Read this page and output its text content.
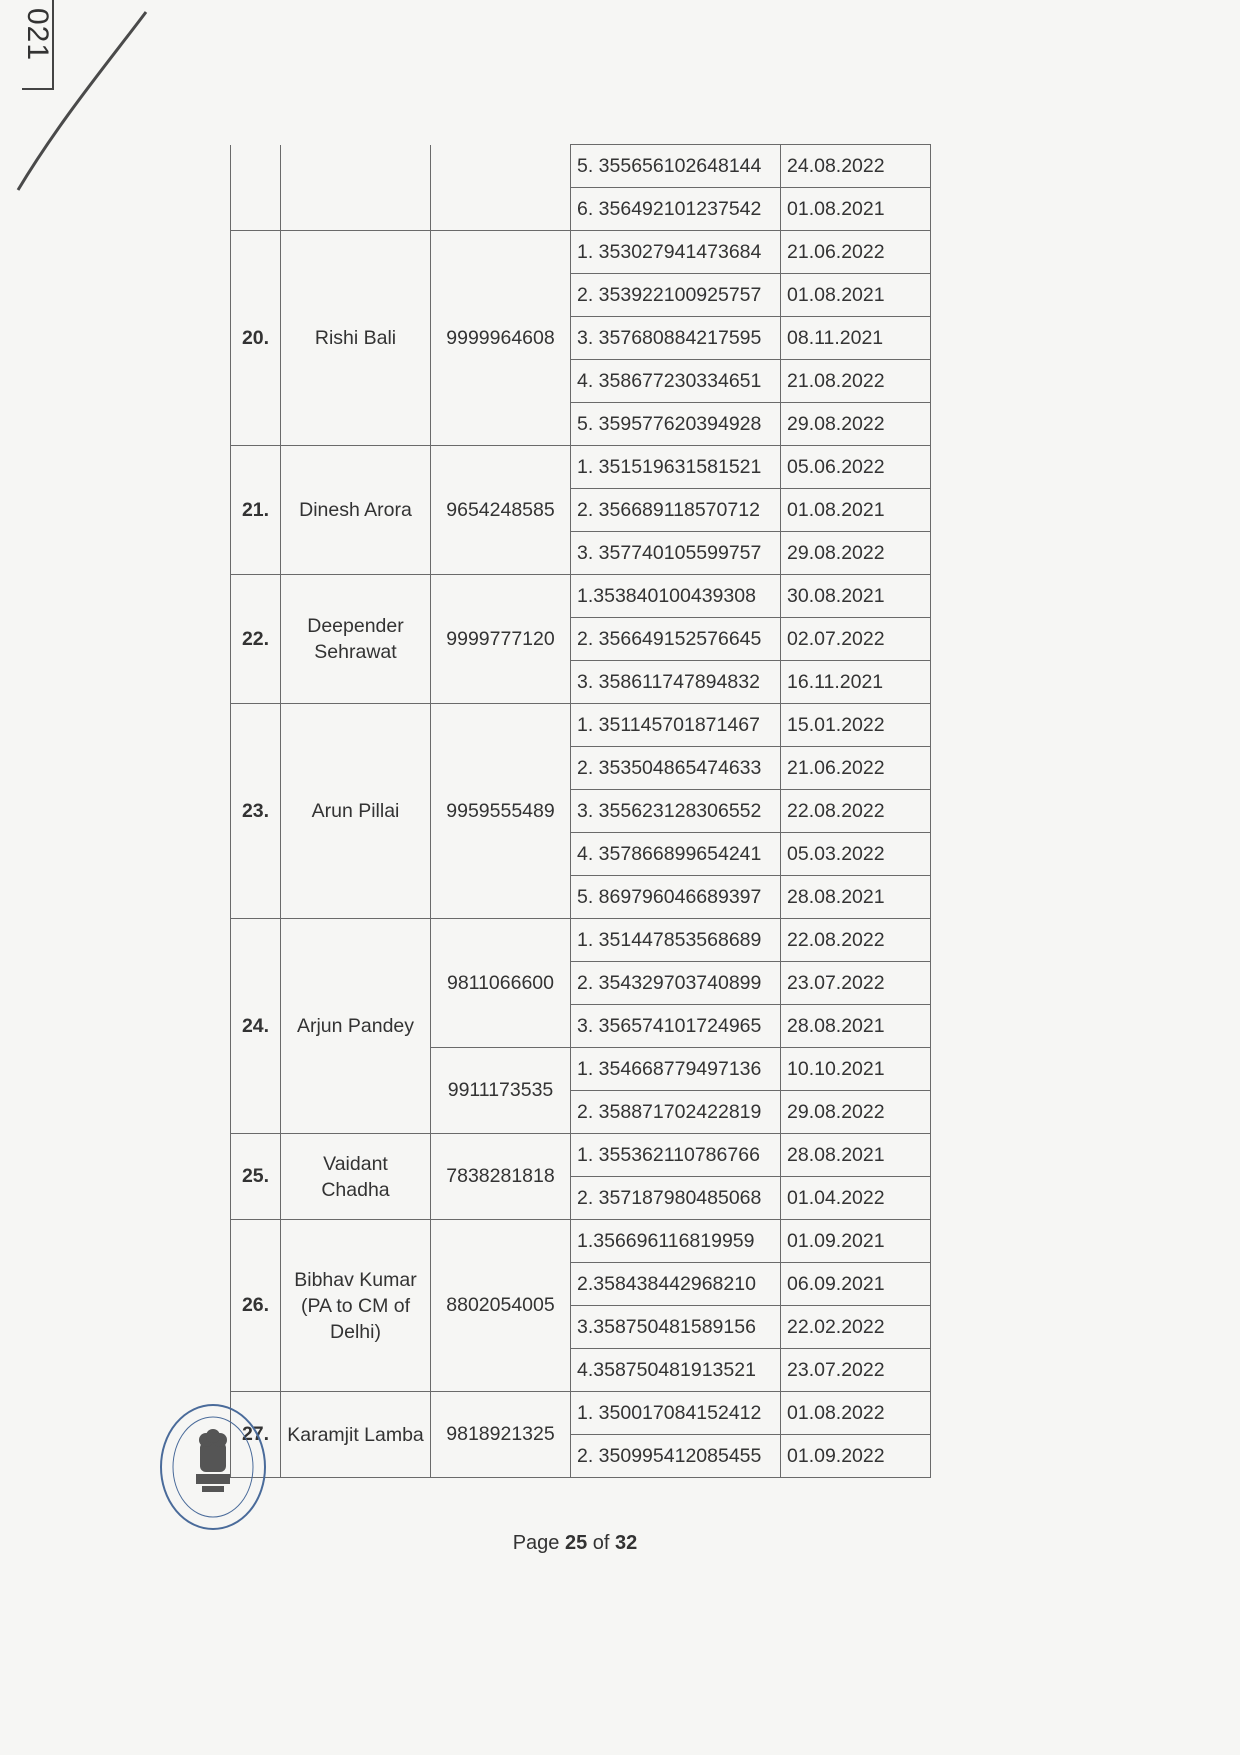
021
			5. 355656102648144	24.08.2022
			6. 356492101237542	01.08.2021
20.	Rishi Bali	9999964608	1. 353027941473684	21.06.2022
			2. 353922100925757	01.08.2021
			3. 357680884217595	08.11.2021
			4. 358677230334651	21.08.2022
			5. 359577620394928	29.08.2022
21.	Dinesh Arora	9654248585	1. 351519631581521	05.06.2022
			2. 356689118570712	01.08.2021
			3. 357740105599757	29.08.2022
22.	Deepender Sehrawat	9999777120	1.353840100439308	30.08.2021
			2. 356649152576645	02.07.2022
			3. 358611747894832	16.11.2021
23.	Arun Pillai	9959555489	1. 351145701871467	15.01.2022
			2. 353504865474633	21.06.2022
			3. 355623128306552	22.08.2022
			4. 357866899654241	05.03.2022
			5. 869796046689397	28.08.2021
24.	Arjun Pandey	9811066600	1. 351447853568689	22.08.2022
			2. 354329703740899	23.07.2022
			3. 356574101724965	28.08.2021
		9911173535	1. 354668779497136	10.10.2021
			2. 358871702422819	29.08.2022
25.	Vaidant Chadha	7838281818	1. 355362110786766	28.08.2021
			2. 357187980485068	01.04.2022
26.	Bibhav Kumar (PA to CM of Delhi)	8802054005	1.356696116819959	01.09.2021
			2.358438442968210	06.09.2021
			3.358750481589156	22.02.2022
			4.358750481913521	23.07.2022
27.	Karamjit Lamba	9818921325	1. 350017084152412	01.08.2022
			2. 350995412085455	01.09.2022
Page 25 of 32
